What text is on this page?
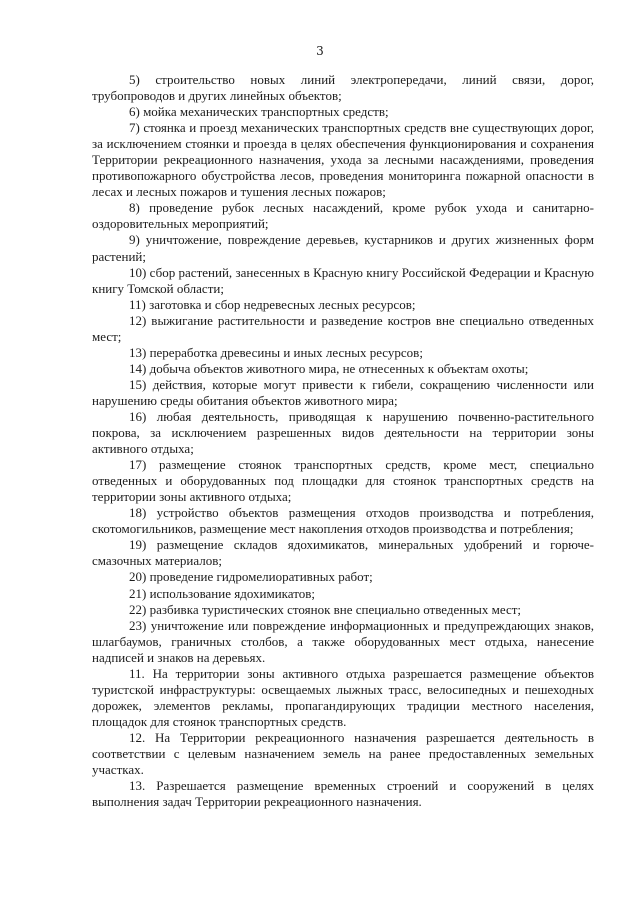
3

5) строительство новых линий электропередачи, линий связи, дорог, трубопроводов и других линейных объектов;

6) мойка механических транспортных средств;

7) стоянка и проезд механических транспортных средств вне существующих дорог, за исключением стоянки и проезда в целях обеспечения функционирования и сохранения Территории рекреационного назначения, ухода за лесными насаждениями, проведения противопожарного обустройства лесов, проведения мониторинга пожарной опасности в лесах и лесных пожаров и тушения лесных пожаров;

8) проведение рубок лесных насаждений, кроме рубок ухода и санитарно-оздоровительных мероприятий;

9) уничтожение, повреждение деревьев, кустарников и других жизненных форм растений;

10) сбор растений, занесенных в Красную книгу Российской Федерации и Красную книгу Томской области;

11) заготовка и сбор недревесных лесных ресурсов;

12) выжигание растительности и разведение костров вне специально отведенных мест;

13) переработка древесины и иных лесных ресурсов;

14) добыча объектов животного мира, не отнесенных к объектам охоты;

15) действия, которые могут привести к гибели, сокращению численности или нарушению среды обитания объектов животного мира;

16) любая деятельность, приводящая к нарушению почвенно-растительного покрова, за исключением разрешенных видов деятельности на территории зоны активного отдыха;

17) размещение стоянок транспортных средств, кроме мест, специально отведенных и оборудованных под площадки для стоянок транспортных средств на территории зоны активного отдыха;

18) устройство объектов размещения отходов производства и потребления, скотомогильников, размещение мест накопления отходов производства и потребления;

19) размещение складов ядохимикатов, минеральных удобрений и горюче-смазочных материалов;

20) проведение гидромелиоративных работ;

21) использование ядохимикатов;

22) разбивка туристических стоянок вне специально отведенных мест;

23) уничтожение или повреждение информационных и предупреждающих знаков, шлагбаумов, граничных столбов, а также оборудованных мест отдыха, нанесение надписей и знаков на деревьях.

11. На территории зоны активного отдыха разрешается размещение объектов туристской инфраструктуры: освещаемых лыжных трасс, велосипедных и пешеходных дорожек, элементов рекламы, пропагандирующих традиции местного населения, площадок для стоянок транспортных средств.

12. На Территории рекреационного назначения разрешается деятельность в соответствии с целевым назначением земель на ранее предоставленных земельных участках.

13. Разрешается размещение временных строений и сооружений в целях выполнения задач Территории рекреационного назначения.
